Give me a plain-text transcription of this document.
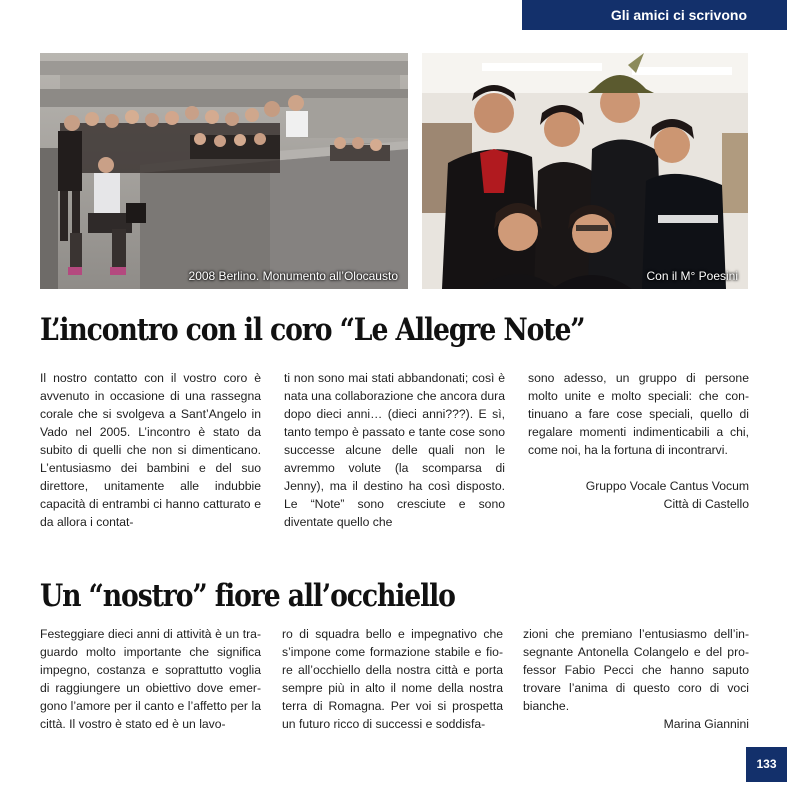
Gli amici ci scrivono
2008 Berlino. Monumento all’Olocausto	Con il M° Poesini
L’incontro con il coro “Le Allegre Note”

Il nostro contatto con il vostro coro è avvenuto in occasione di una rassegna corale che si svolgeva a Sant’Angelo in Vado nel 2005. L’incontro è stato da subito di quelli che non si dimenticano. L’entusiasmo dei bambini e del suo direttore, unitamente alle indubbie capacità di entrambi ci hanno catturato e da allora i contat-

ti non sono mai stati abbandonati; così è nata una collaborazione che ancora dura dopo dieci anni… (dieci anni???). E sì, tanto tempo è passato e tante cose sono successe alcune delle quali non le avremmo volute (la scomparsa di Jenny), ma il destino ha così disposto. Le “Note” sono cresciute e sono diventate quello che

sono adesso, un gruppo di persone molto unite e molto speciali: che continuano a fare cose speciali, quello di regalare momenti indimenticabili a chi, come noi, ha la fortuna di incontrarvi.

Gruppo Vocale Cantus Vocum

Città di Castello

Un “nostro” fiore all’occhiello

Festeggiare dieci anni di attività è un traguardo molto importante che significa impegno, costanza e soprattutto voglia di raggiungere un obiettivo dove emergono l’amore per il canto e l’affetto per la città. Il vostro è stato ed è un lavo-

ro di squadra bello e impegnativo che s’impone come formazione stabile e fiore all’occhiello della nostra città e porta sempre più in alto il nome della nostra terra di Romagna. Per voi si prospetta un futuro ricco di successi e soddisfa-

zioni che premiano l’entusiasmo dell’insegnante Antonella Colangelo e del professor Fabio Pecci che hanno saputo trovare l’anima di questo coro di voci bianche.

Marina Giannini

133
